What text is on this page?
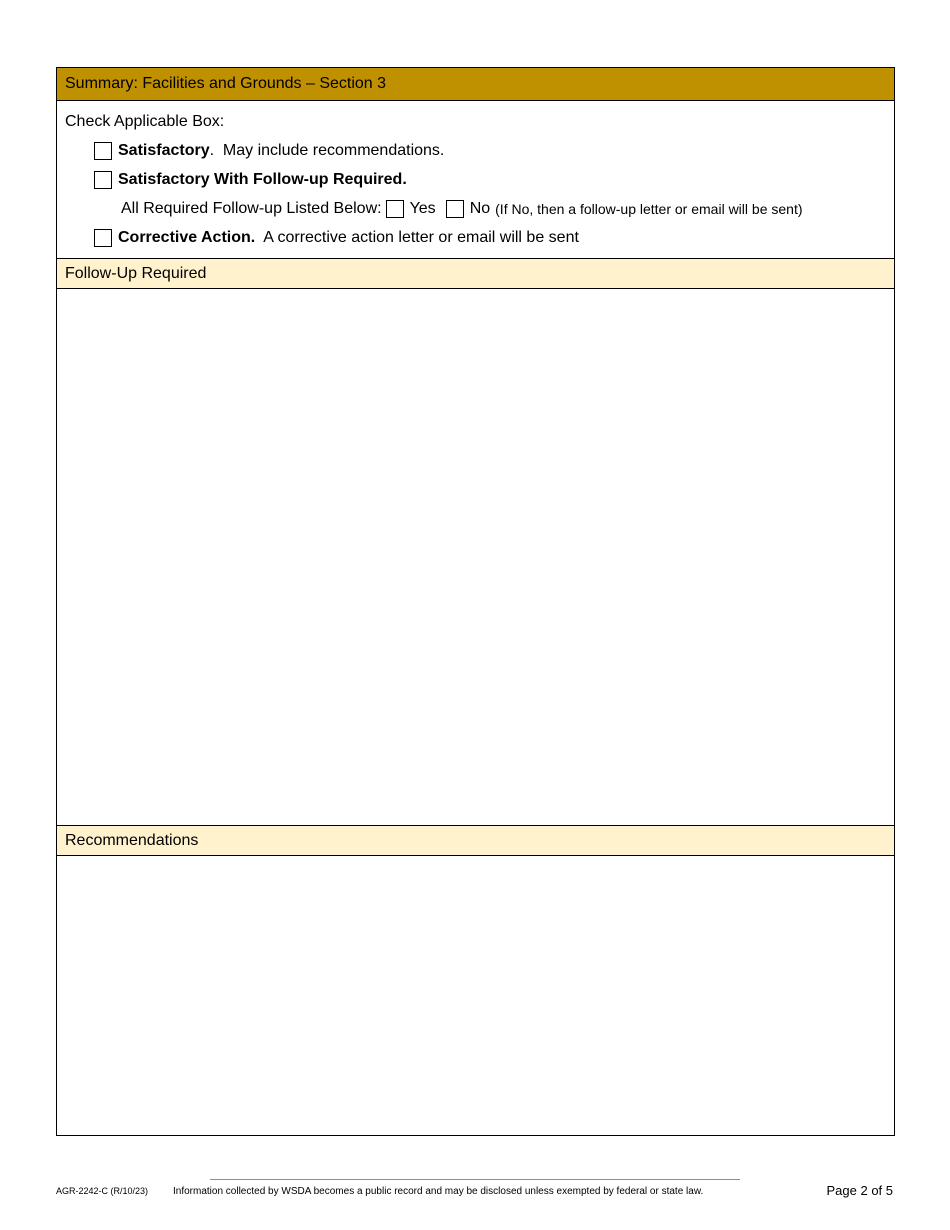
Summary: Facilities and Grounds – Section 3
Check Applicable Box:
Satisfactory .  May include recommendations.
Satisfactory With Follow-up Required.
All Required Follow-up Listed Below: Yes No (If No, then a follow-up letter or email will be sent)
Corrective Action. A corrective action letter or email will be sent
Follow-Up Required
Recommendations
AGR-2242-C (R/10/23) Information collected by WSDA becomes a public record and may be disclosed unless exempted by federal or state law.	Page 2 of 5
